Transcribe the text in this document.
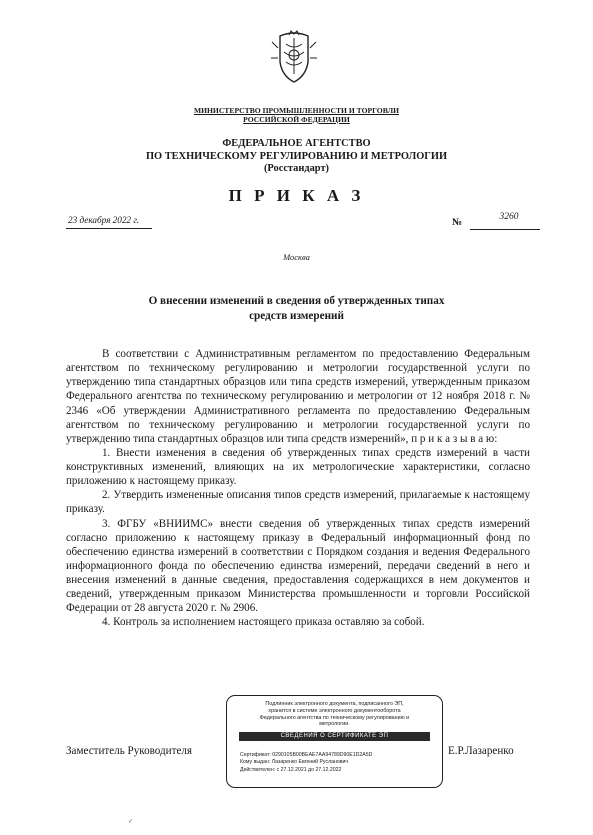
МИНИСТЕРСТВО ПРОМЫШЛЕННОСТИ И ТОРГОВЛИ
РОССИЙСКОЙ ФЕДЕРАЦИИ
ФЕДЕРАЛЬНОЕ АГЕНТСТВО
ПО ТЕХНИЧЕСКОМУ РЕГУЛИРОВАНИЮ И МЕТРОЛОГИИ
(Росстандарт)
П Р И К А З
23 декабря 2022 г.	№	3260
Москва
О внесении изменений в сведения об утвержденных типах
средств измерений

В соответствии с Административным регламентом по предоставлению Федеральным агентством по техническому регулированию и метрологии государственной услуги по утверждению типа стандартных образцов или типа средств измерений, утвержденным приказом Федерального агентства по техническому регулированию и метрологии от 12 ноября 2018 г. № 2346 «Об утверждении Административного регламента по предоставлению Федеральным агентством по техническому регулированию и метрологии государственной услуги по утверждению типа стандартных образцов или типа средств измерений», п р и к а з ы в а ю:

1. Внести изменения в сведения об утвержденных типах средств измерений в части конструктивных изменений, влияющих на их метрологические характеристики, согласно приложению к настоящему приказу.

2. Утвердить измененные описания типов средств измерений, прилагаемые к настоящему приказу.

3. ФГБУ «ВНИИМС» внести сведения об утвержденных типах средств измерений согласно приложению к настоящему приказу в Федеральный информационный фонд по обеспечению единства измерений в соответствии с Порядком создания и ведения Федерального информационного фонда по обеспечению единства измерений, передачи сведений в него и внесения изменений в данные сведения, предоставления содержащихся в нем документов и сведений, утвержденным приказом Министерства промышленности и торговли Российской Федерации от 28 августа 2020 г. № 2906.

4. Контроль за исполнением настоящего приказа оставляю за собой.

Заместитель Руководителя	Е.Р.Лазаренко
Подлинник электронного документа, подписанного ЭП,
хранится в системе электронного документооборота
Федерального агентства по техническому регулированию и
метрологии.
СВЕДЕНИЯ О СЕРТИФИКАТЕ ЭП
Сертификат: 0290105B00BEAE7AA94789D90E1D2A5D
Кому выдан: Лазаренко Евгений Русланович
Действителен: с 27.12.2021 до 27.12.2022
✓
